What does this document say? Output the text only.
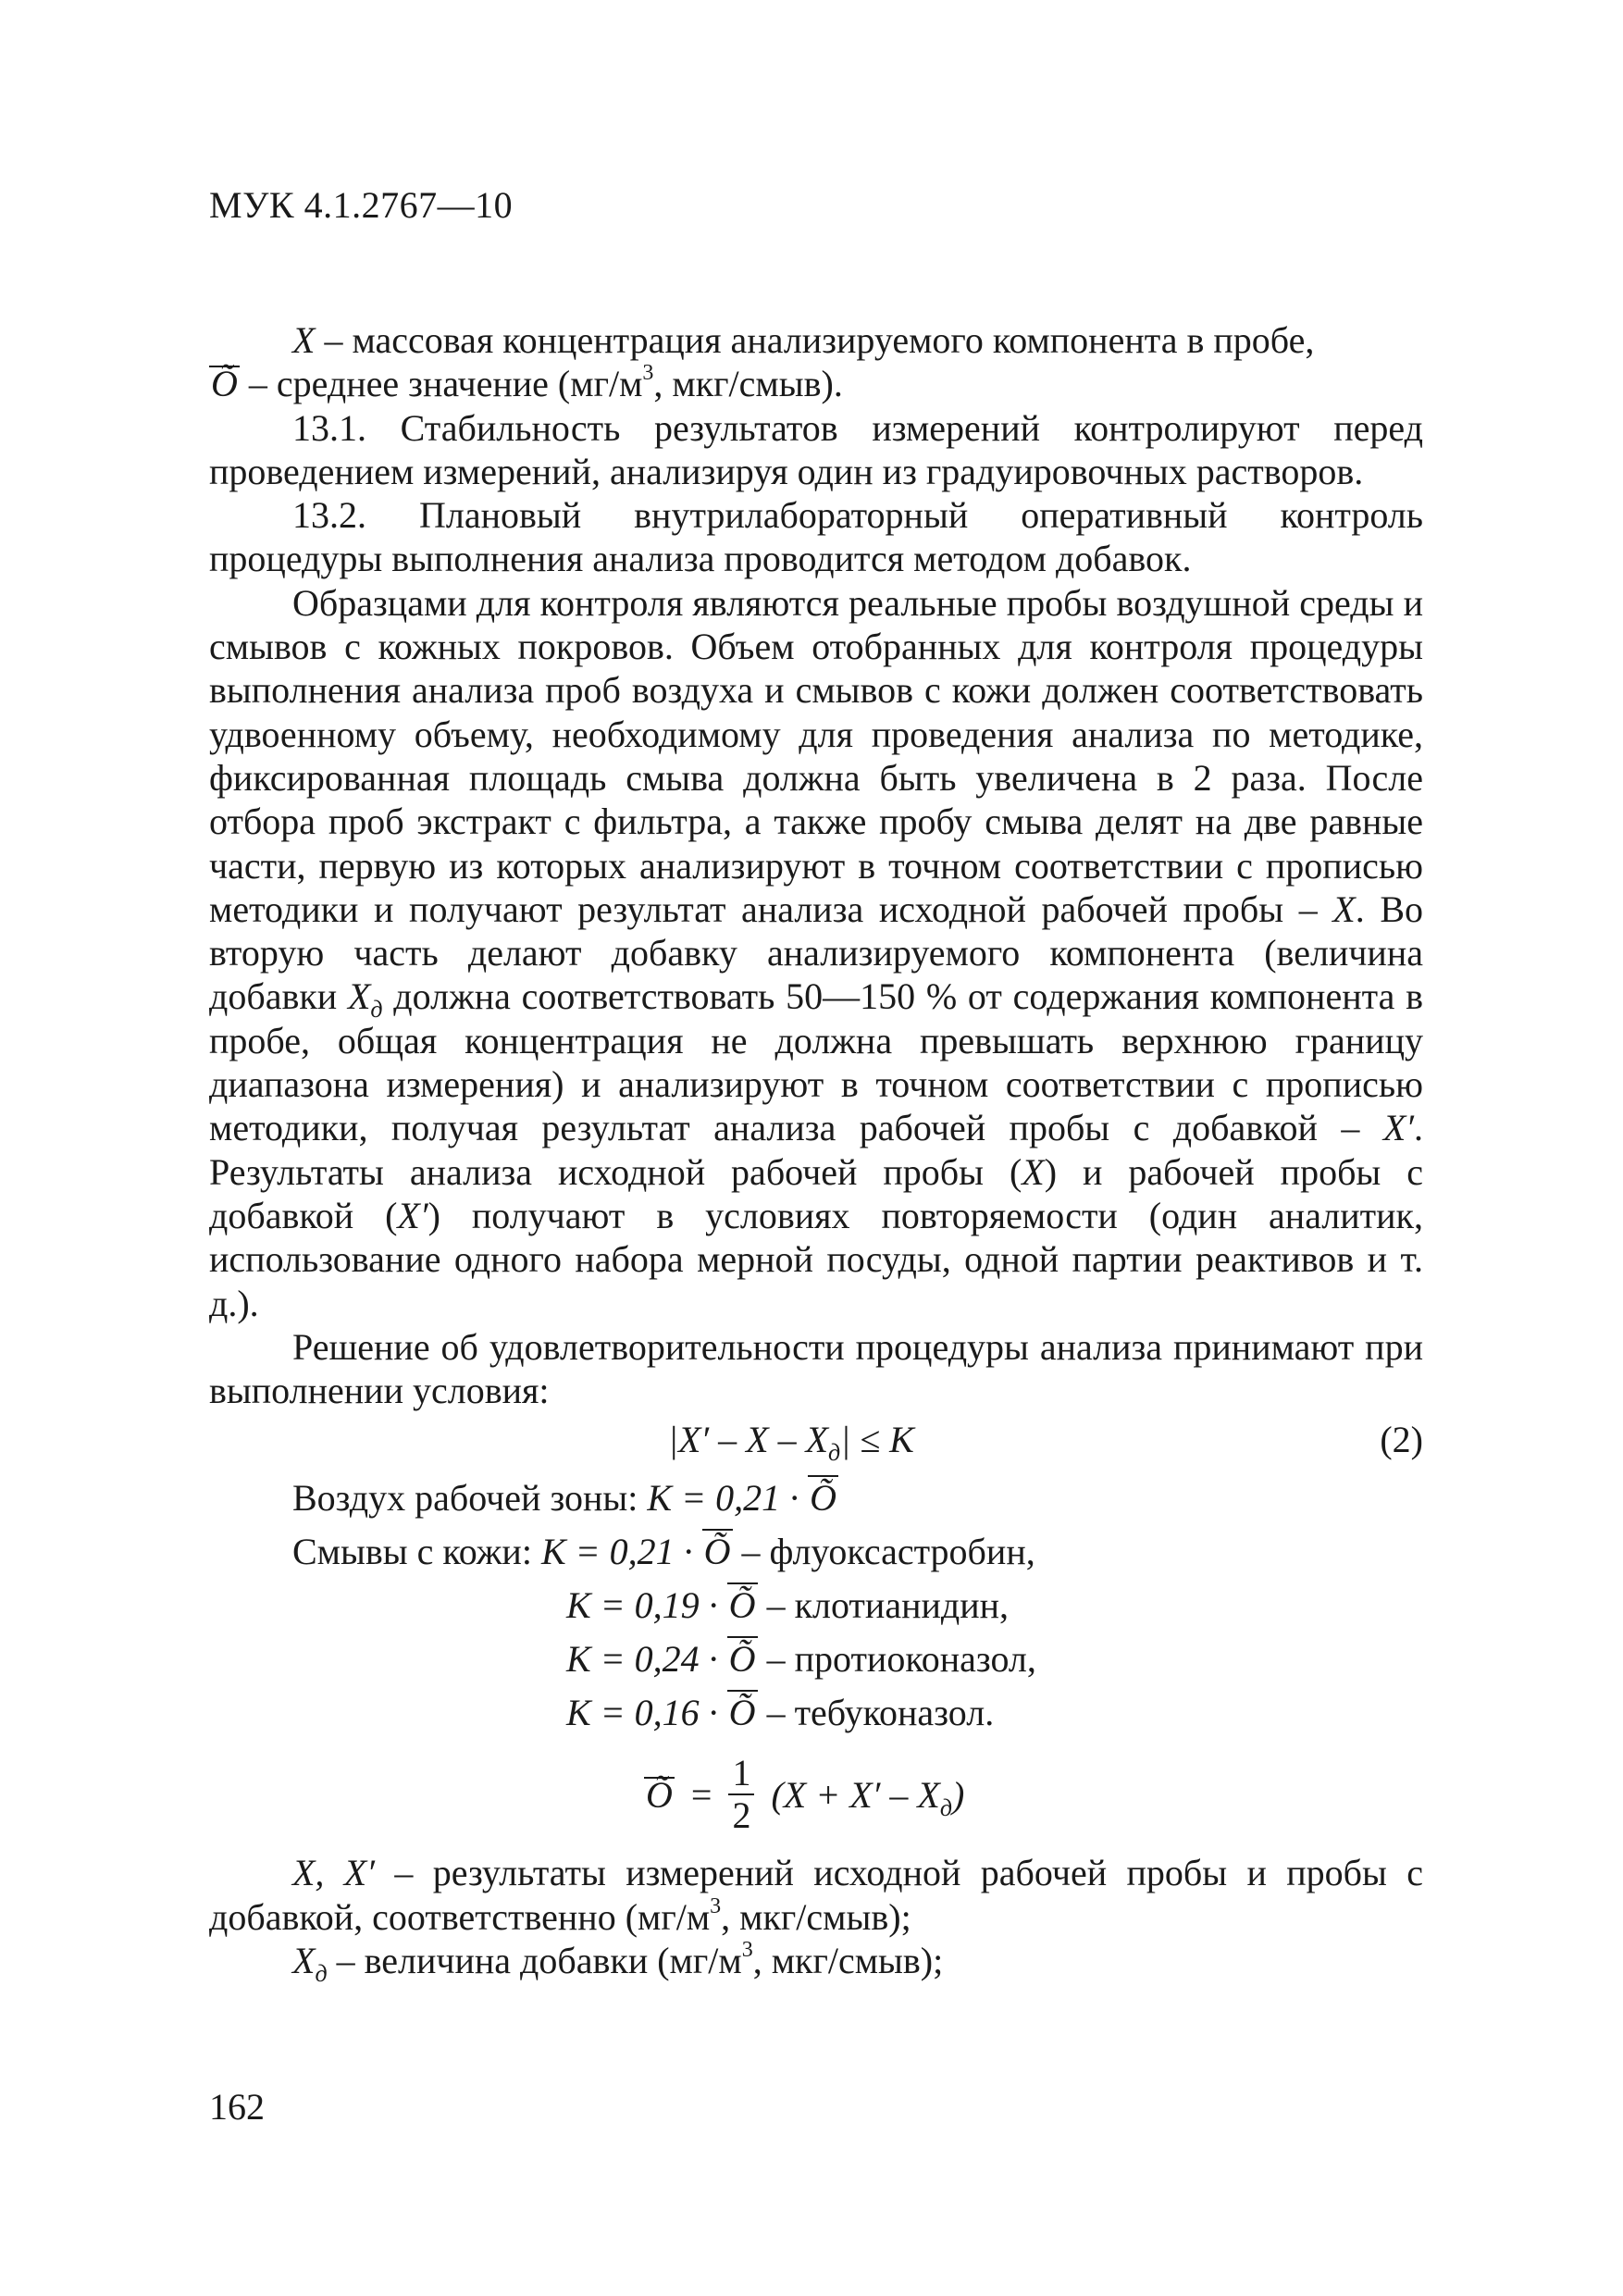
МУК 4.1.2767—10

X – массовая концентрация анализируемого компонента в пробе,

Õ – среднее значение ($мг/м^3$, мкг/смыв).

13.1. Стабильность результатов измерений контролируют перед проведением измерений, анализируя один из градуировочных растворов.

13.2. Плановый внутрилабораторный оперативный контроль процедуры выполнения анализа проводится методом добавок.

Образцами для контроля являются реальные пробы воздушной среды и смывов с кожных покровов. Объем отобранных для контроля процедуры выполнения анализа проб воздуха и смывов с кожи должен соответствовать удвоенному объему, необходимому для проведения анализа по методике, фиксированная площадь смыва должна быть увеличена в 2 раза. После отбора проб экстракт с фильтра, а также пробу смыва делят на две равные части, первую из которых анализируют в точном соответствии с прописью методики и получают результат анализа исходной рабочей пробы – X. Во вторую часть делают добавку анализируемого компонента (величина добавки $X_д$ должна соответствовать 50—150 % от содержания компонента в пробе, общая концентрация не должна превышать верхнюю границу диапазона измерения) и анализируют в точном соответствии с прописью методики, получая результат анализа рабочей пробы с добавкой – X′. Результаты анализа исходной рабочей пробы (X) и рабочей пробы с добавкой (X′) получают в условиях повторяемости (один аналитик, использование одного набора мерной посуды, одной партии реактивов и т. д.).

Решение об удовлетворительности процедуры анализа принимают при выполнении условия:

$|X' - X - X_д| \le K$	(2)
Воздух рабочей зоны: K = 0,21 · Õ
Смывы с кожи: K = 0,21 · Õ – флуоксастробин,
K = 0,19 · Õ – клотианидин,
K = 0,24 · Õ – протиоконазол,
K = 0,16 · Õ – тебуконазол.
Õ = $\frac{1}{2} (X + X' - X_д)$

X, X′ – результаты измерений исходной рабочей пробы и пробы с добавкой, соответственно ($мг/м^3$, мкг/смыв);

$X_д$ – величина добавки ($мг/м^3$, мкг/смыв);

162
